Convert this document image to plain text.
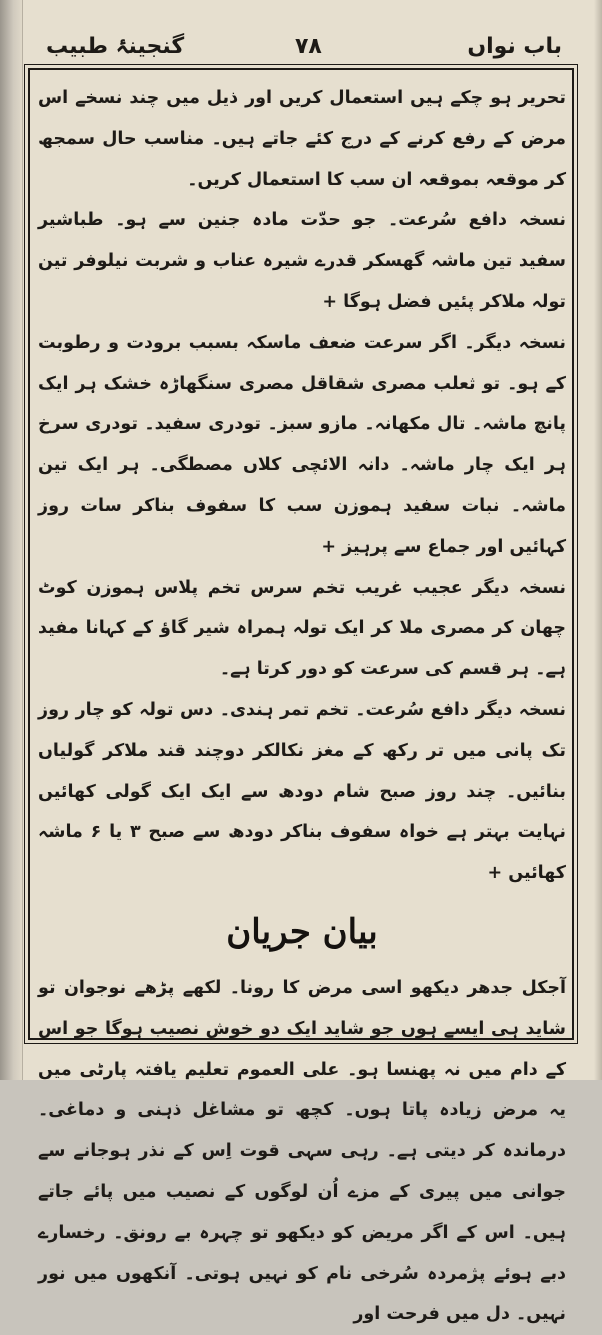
گنجینۂ طبیب	۷۸	باب نواں

تحریر ہو چکے ہیں استعمال کریں اور ذیل میں چند نسخے اس مرض کے رفع کرنے کے درج کئے جاتے ہیں۔ مناسب حال سمجھ کر موقعہ بموقعہ ان سب کا استعمال کریں۔

نسخہ دافع سُرعت۔ جو حدّت مادہ جنین سے ہو۔ طباشیر سفید تین ماشہ گھسکر قدرے شیرہ عناب و شربت نیلوفر تین تولہ ملاکر پئیں فضل ہوگا +

نسخہ دیگر۔ اگر سرعت ضعف ماسکہ بسبب برودت و رطوبت کے ہو۔ تو ثعلب مصری شقاقل مصری سنگھاڑہ خشک ہر ایک پانچ ماشہ۔ تال مکھانہ۔ مازو سبز۔ تودری سفید۔ تودری سرخ ہر ایک چار ماشہ۔ دانہ الائچی کلاں مصطگی۔ ہر ایک تین ماشہ۔ نبات سفید ہموزن سب کا سفوف بناکر سات روز کہائیں اور جماع سے پرہیز +

نسخہ دیگر عجیب غریب تخم سرس تخم پلاس ہموزن کوٹ چھان کر مصری ملا کر ایک تولہ ہمراہ شیر گاؤ کے کہانا مفید ہے۔ ہر قسم کی سرعت کو دور کرتا ہے۔

نسخہ دیگر دافع سُرعت۔ تخم تمر ہندی۔ دس تولہ کو چار روز تک پانی میں تر رکھ کے مغز نکالکر دوچند قند ملاکر گولیاں بنائیں۔ چند روز صبح شام دودھ سے ایک ایک گولی کھائیں نہایت بہتر ہے خواہ سفوف بناکر دودھ سے صبح ۳ یا ۶ ماشہ کھائیں +

بیان جریان

آجکل جدھر دیکھو اسی مرض کا رونا۔ لکھے پڑھے نوجوان تو شاید ہی ایسے ہوں جو شاید ایک دو خوش نصیب ہوگا جو اس کے دام میں نہ پھنسا ہو۔ علی العموم تعلیم یافتہ پارٹی میں یہ مرض زیادہ پاتا ہوں۔ کچھ تو مشاغل ذہنی و دماغی۔ درماندہ کر دیتی ہے۔ رہی سہی قوت اِس کے نذر ہوجانے سے جوانی میں پیری کے مزے اُن لوگوں کے نصیب میں پائے جاتے ہیں۔ اس کے اگر مریض کو دیکھو تو چہرہ بے رونق۔ رخسارے دبے ہوئے پژمردہ سُرخی نام کو نہیں ہوتی۔ آنکھوں میں نور نہیں۔ دل میں فرحت اور
